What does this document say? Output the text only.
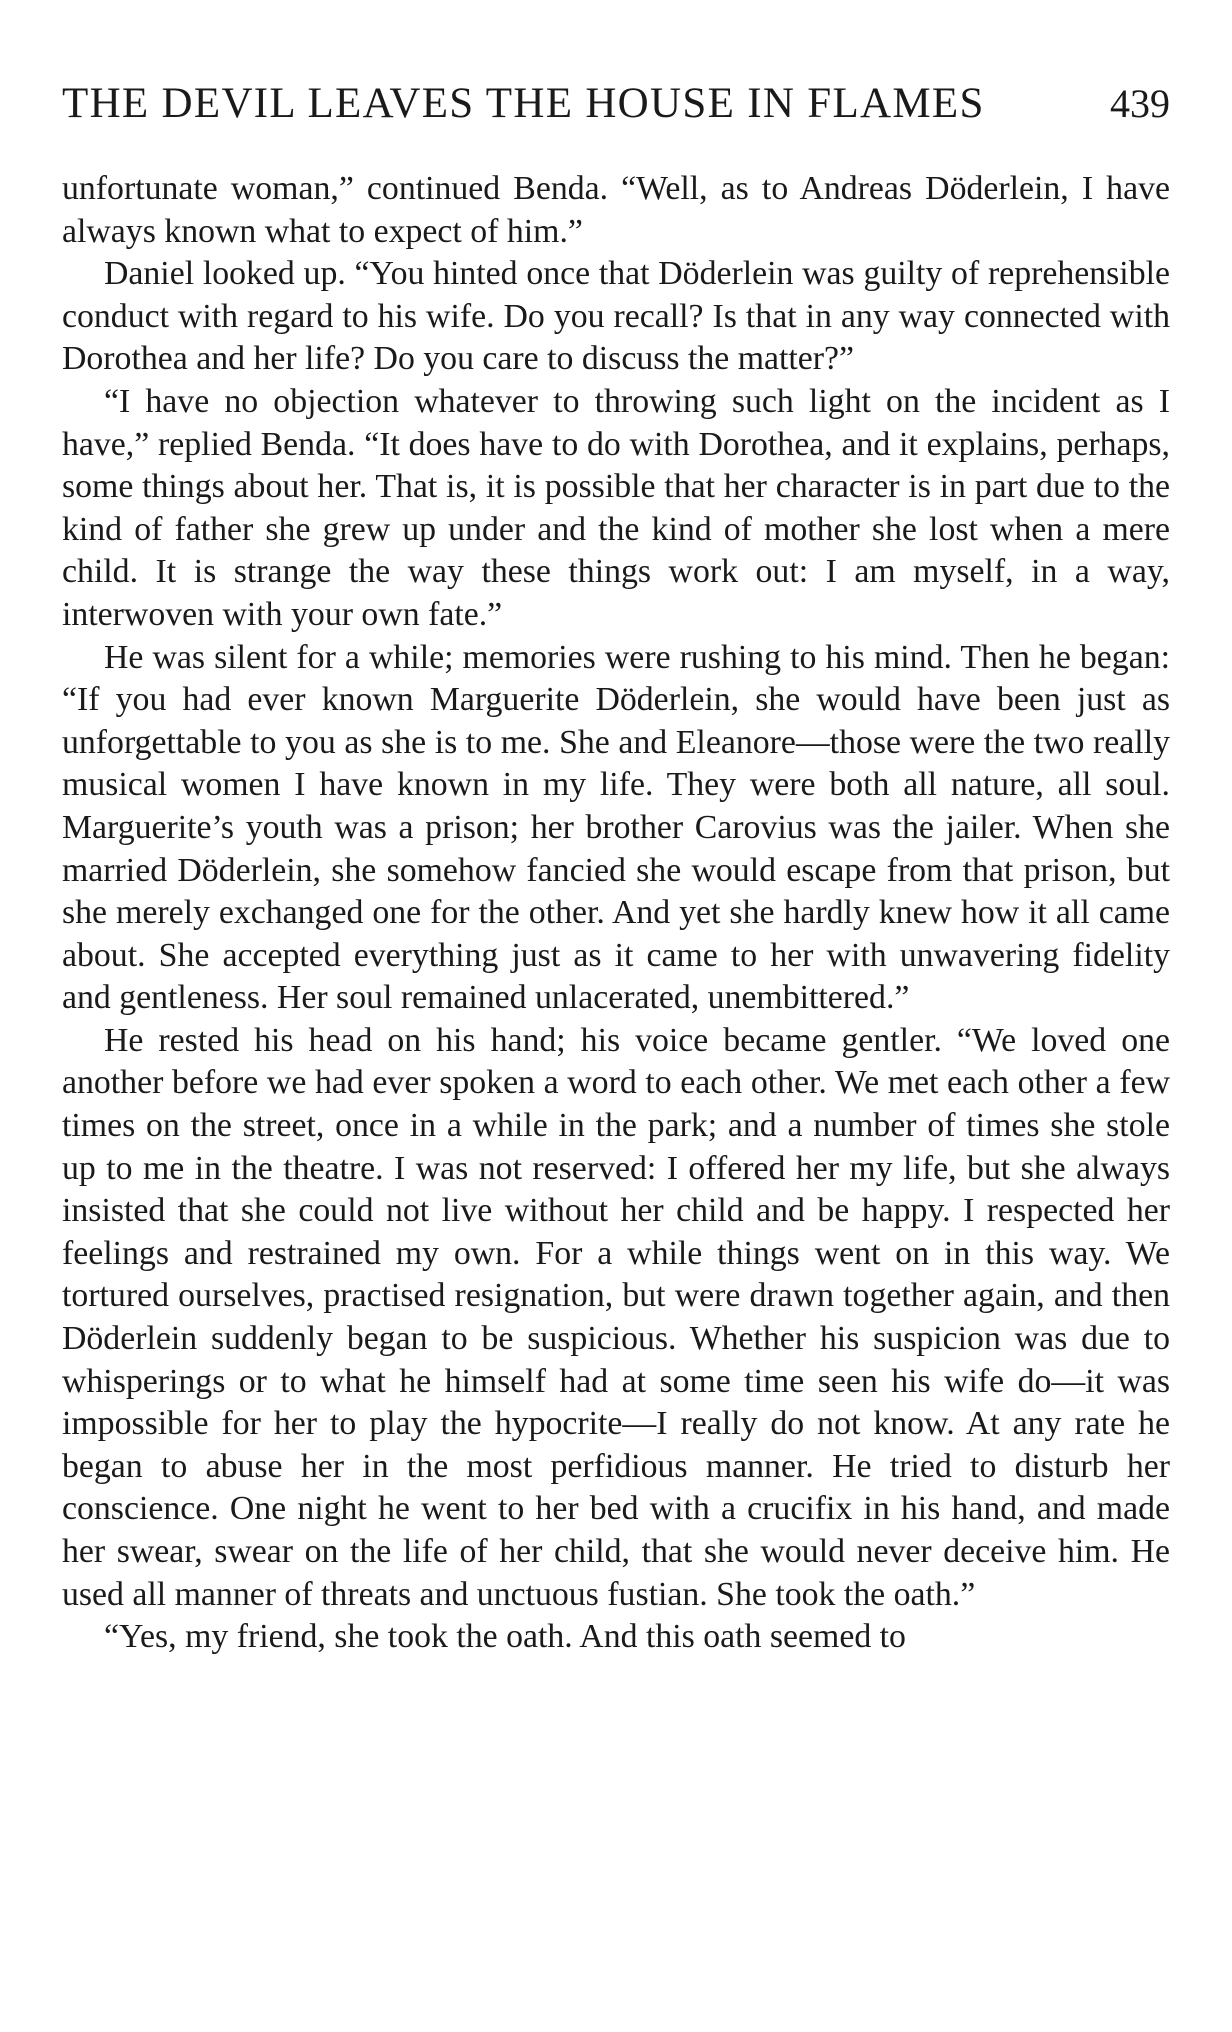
THE DEVIL LEAVES THE HOUSE IN FLAMES	439

unfortunate woman,” continued Benda. “Well, as to Andreas Döderlein, I have always known what to expect of him.”

Daniel looked up. “You hinted once that Döderlein was guilty of reprehensible conduct with regard to his wife. Do you recall? Is that in any way connected with Dorothea and her life? Do you care to discuss the matter?”

“I have no objection whatever to throwing such light on the incident as I have,” replied Benda. “It does have to do with Dorothea, and it explains, perhaps, some things about her. That is, it is possible that her character is in part due to the kind of father she grew up under and the kind of mother she lost when a mere child. It is strange the way these things work out: I am myself, in a way, interwoven with your own fate.”

He was silent for a while; memories were rushing to his mind. Then he began: “If you had ever known Marguerite Döderlein, she would have been just as unforgettable to you as she is to me. She and Eleanore—those were the two really musical women I have known in my life. They were both all nature, all soul. Marguerite’s youth was a prison; her brother Carovius was the jailer. When she married Döderlein, she somehow fancied she would escape from that prison, but she merely exchanged one for the other. And yet she hardly knew how it all came about. She accepted everything just as it came to her with unwavering fidelity and gentleness. Her soul remained unlacerated, unembittered.”

He rested his head on his hand; his voice became gentler. “We loved one another before we had ever spoken a word to each other. We met each other a few times on the street, once in a while in the park; and a number of times she stole up to me in the theatre. I was not reserved: I offered her my life, but she always insisted that she could not live without her child and be happy. I respected her feelings and restrained my own. For a while things went on in this way. We tortured ourselves, practised resignation, but were drawn together again, and then Döderlein suddenly began to be suspicious. Whether his suspicion was due to whisperings or to what he himself had at some time seen his wife do—it was impossible for her to play the hypocrite—I really do not know. At any rate he began to abuse her in the most perfidious manner. He tried to disturb her conscience. One night he went to her bed with a crucifix in his hand, and made her swear, swear on the life of her child, that she would never deceive him. He used all manner of threats and unctuous fustian. She took the oath.”

“Yes, my friend, she took the oath. And this oath seemed to
